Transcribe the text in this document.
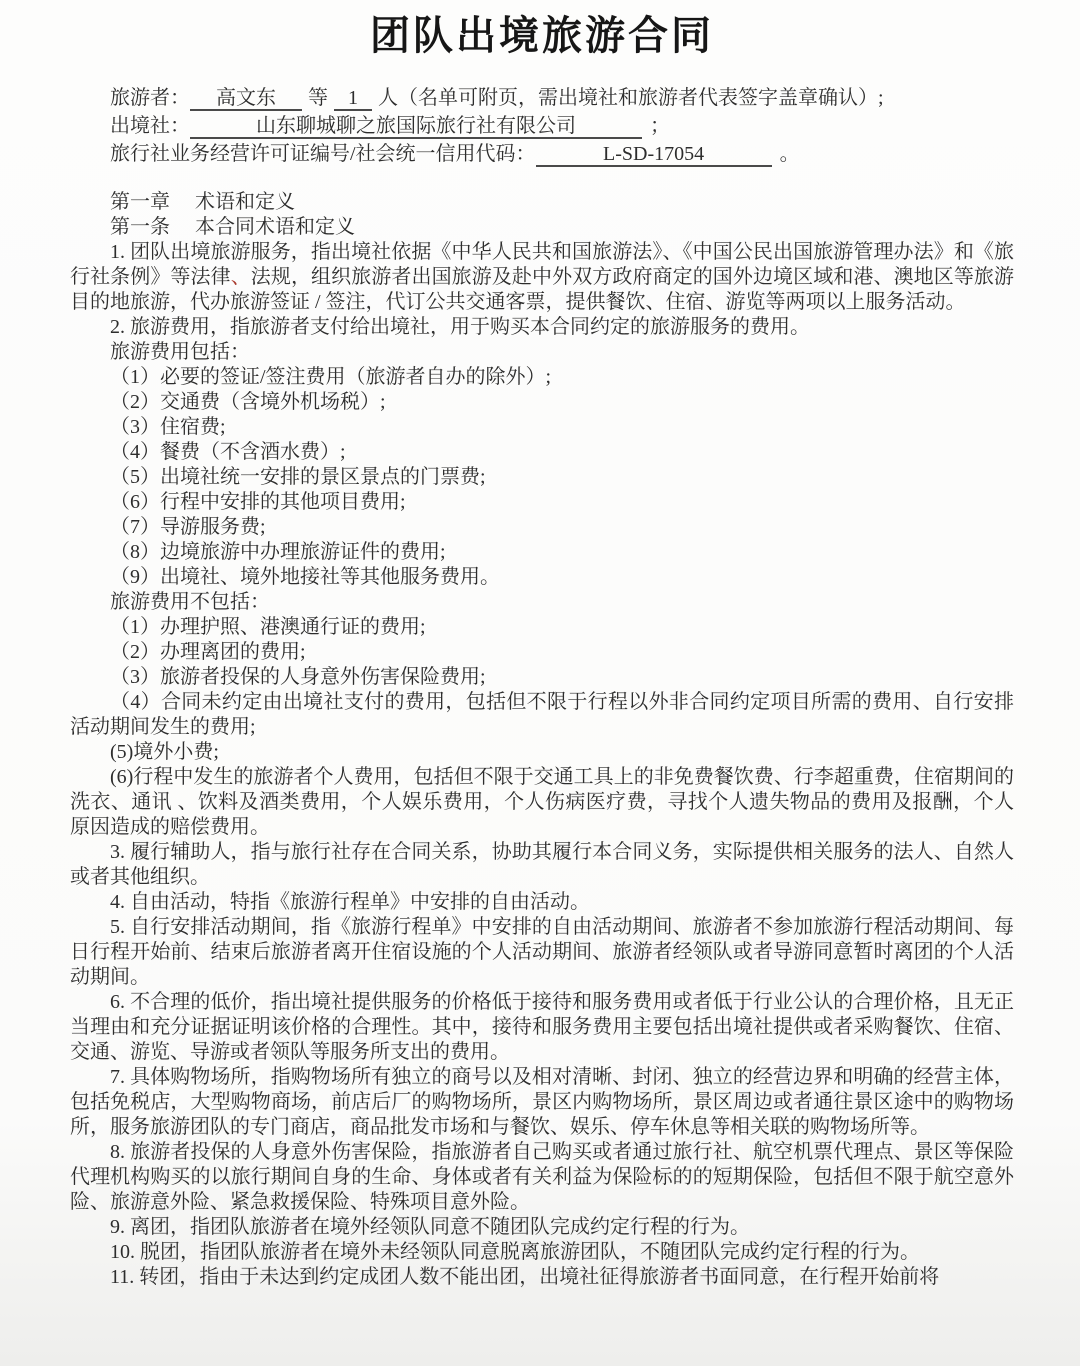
团队出境旅游合同

旅游者： 高文东 等 1 人（名单可附页，需出境社和旅游者代表签字盖章确认）;

出境社：	山东聊城聊之旅国际旅行社有限公司	；

旅行社业务经营许可证编号/社会统一信用代码：	L-SD-17054	。

第一章　 术语和定义

第一条　 本合同术语和定义

1. 团队出境旅游服务，指出境社依据《中华人民共和国旅游法》、《中国公民出国旅游管理办法》和《旅行社条例》等法律、法规，组织旅游者出国旅游及赴中外双方政府商定的国外边境区域和港、澳地区等旅游目的地旅游，代办旅游签证 / 签注，代订公共交通客票，提供餐饮、住宿、游览等两项以上服务活动。

2. 旅游费用，指旅游者支付给出境社，用于购买本合同约定的旅游服务的费用。

旅游费用包括：

（1）必要的签证/签注费用（旅游者自办的除外）;

（2）交通费（含境外机场税）;

（3）住宿费;

（4）餐费（不含酒水费）;

（5）出境社统一安排的景区景点的门票费;

（6）行程中安排的其他项目费用;

（7）导游服务费;

（8）边境旅游中办理旅游证件的费用;

（9）出境社、境外地接社等其他服务费用。

旅游费用不包括：

（1）办理护照、港澳通行证的费用;

（2）办理离团的费用;

（3）旅游者投保的人身意外伤害保险费用;

（4）合同未约定由出境社支付的费用，包括但不限于行程以外非合同约定项目所需的费用、自行安排活动期间发生的费用;

(5)境外小费;

(6)行程中发生的旅游者个人费用，包括但不限于交通工具上的非免费餐饮费、行李超重费，住宿期间的洗衣、通讯 、饮料及酒类费用，个人娱乐费用，个人伤病医疗费，寻找个人遗失物品的费用及报酬，个人原因造成的赔偿费用。

3. 履行辅助人，指与旅行社存在合同关系，协助其履行本合同义务，实际提供相关服务的法人、自然人或者其他组织。

4. 自由活动，特指《旅游行程单》中安排的自由活动。

5. 自行安排活动期间，指《旅游行程单》中安排的自由活动期间、旅游者不参加旅游行程活动期间、每日行程开始前、结束后旅游者离开住宿设施的个人活动期间、旅游者经领队或者导游同意暂时离团的个人活动期间。

6. 不合理的低价，指出境社提供服务的价格低于接待和服务费用或者低于行业公认的合理价格，且无正当理由和充分证据证明该价格的合理性。其中，接待和服务费用主要包括出境社提供或者采购餐饮、住宿、交通、游览、导游或者领队等服务所支出的费用。

7. 具体购物场所，指购物场所有独立的商号以及相对清晰、封闭、独立的经营边界和明确的经营主体，包括免税店，大型购物商场，前店后厂的购物场所，景区内购物场所，景区周边或者通往景区途中的购物场所，服务旅游团队的专门商店，商品批发市场和与餐饮、娱乐、停车休息等相关联的购物场所等。

8. 旅游者投保的人身意外伤害保险，指旅游者自己购买或者通过旅行社、航空机票代理点、景区等保险代理机构购买的以旅行期间自身的生命、身体或者有关利益为保险标的的短期保险，包括但不限于航空意外险、旅游意外险、紧急救援保险、特殊项目意外险。

9. 离团，指团队旅游者在境外经领队同意不随团队完成约定行程的行为。

10. 脱团，指团队旅游者在境外未经领队同意脱离旅游团队，不随团队完成约定行程的行为。

11. 转团，指由于未达到约定成团人数不能出团，出境社征得旅游者书面同意，在行程开始前将
